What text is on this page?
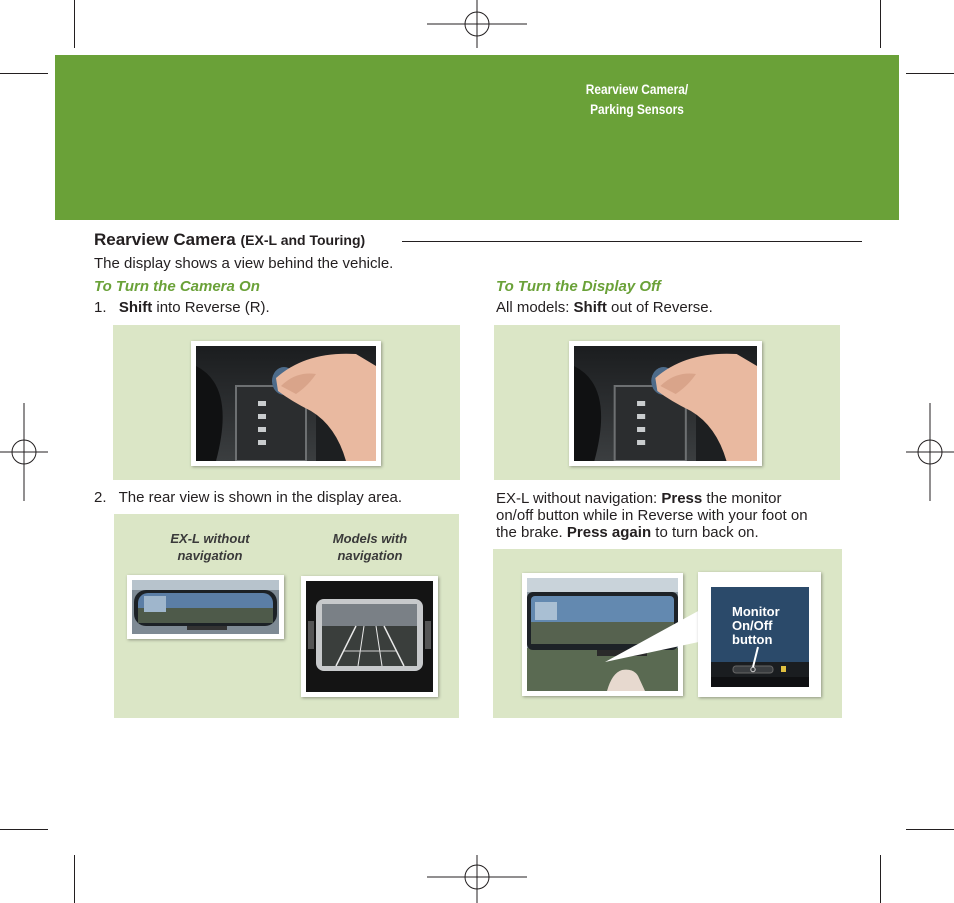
Rearview Camera/
Parking Sensors
Rearview Camera (EX-L and Touring)
The display shows a view behind the vehicle.
To Turn the Camera On
1. Shift into Reverse (R).
2. The rear view is shown in the display area.
EX-L without
navigation
Models with
navigation
To Turn the Display Off
All models: Shift out of Reverse.
EX-L without navigation: Press the monitor
on/off button while in Reverse with your foot on
the brake. Press again to turn back on.
Monitor
On/Off
button
